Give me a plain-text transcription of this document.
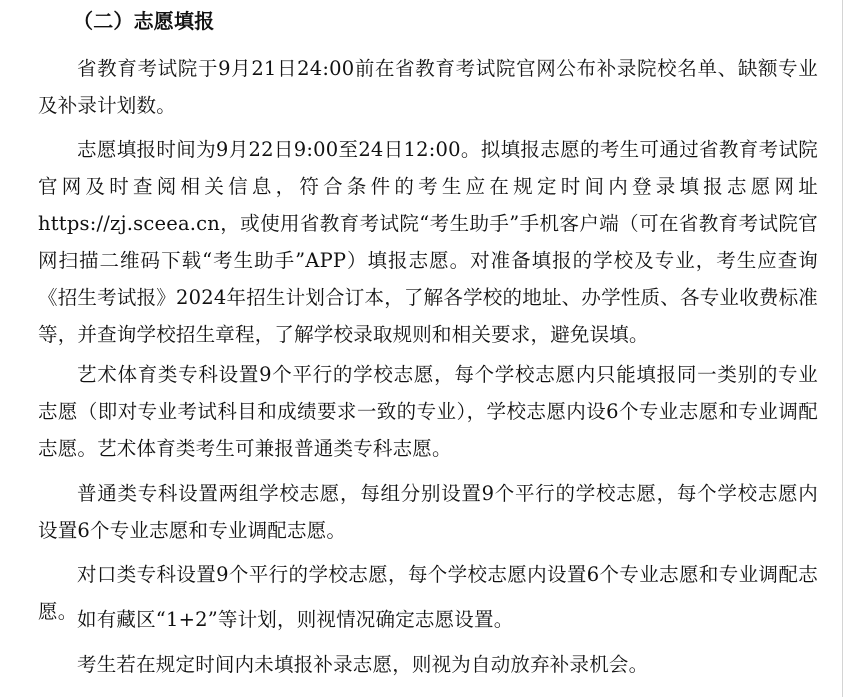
（二）志愿填报

省教育考试院于9月21日24:00前在省教育考试院官网公布补录院校名单、缺额专业及补录计划数。

志愿填报时间为9月22日9:00至24日12:00。拟填报志愿的考生可通过省教育考试院官网及时查阅相关信息，符合条件的考生应在规定时间内登录填报志愿网址 https://zj.sceea.cn，或使用省教育考试院“考生助手”手机客户端（可在省教育考试院官网扫描二维码下载“考生助手”APP）填报志愿。对准备填报的学校及专业，考生应查询《招生考试报》2024年招生计划合订本，了解各学校的地址、办学性质、各专业收费标准等，并查询学校招生章程，了解学校录取规则和相关要求，避免误填。

艺术体育类专科设置9个平行的学校志愿，每个学校志愿内只能填报同一类别的专业志愿（即对专业考试科目和成绩要求一致的专业），学校志愿内设6个专业志愿和专业调配志愿。艺术体育类考生可兼报普通类专科志愿。

普通类专科设置两组学校志愿，每组分别设置9个平行的学校志愿，每个学校志愿内设置6个专业志愿和专业调配志愿。

对口类专科设置9个平行的学校志愿，每个学校志愿内设置6个专业志愿和专业调配志愿。 如有藏区“1+2”等计划，则视情况确定志愿设置。

考生若在规定时间内未填报补录志愿，则视为自动放弃补录机会。
